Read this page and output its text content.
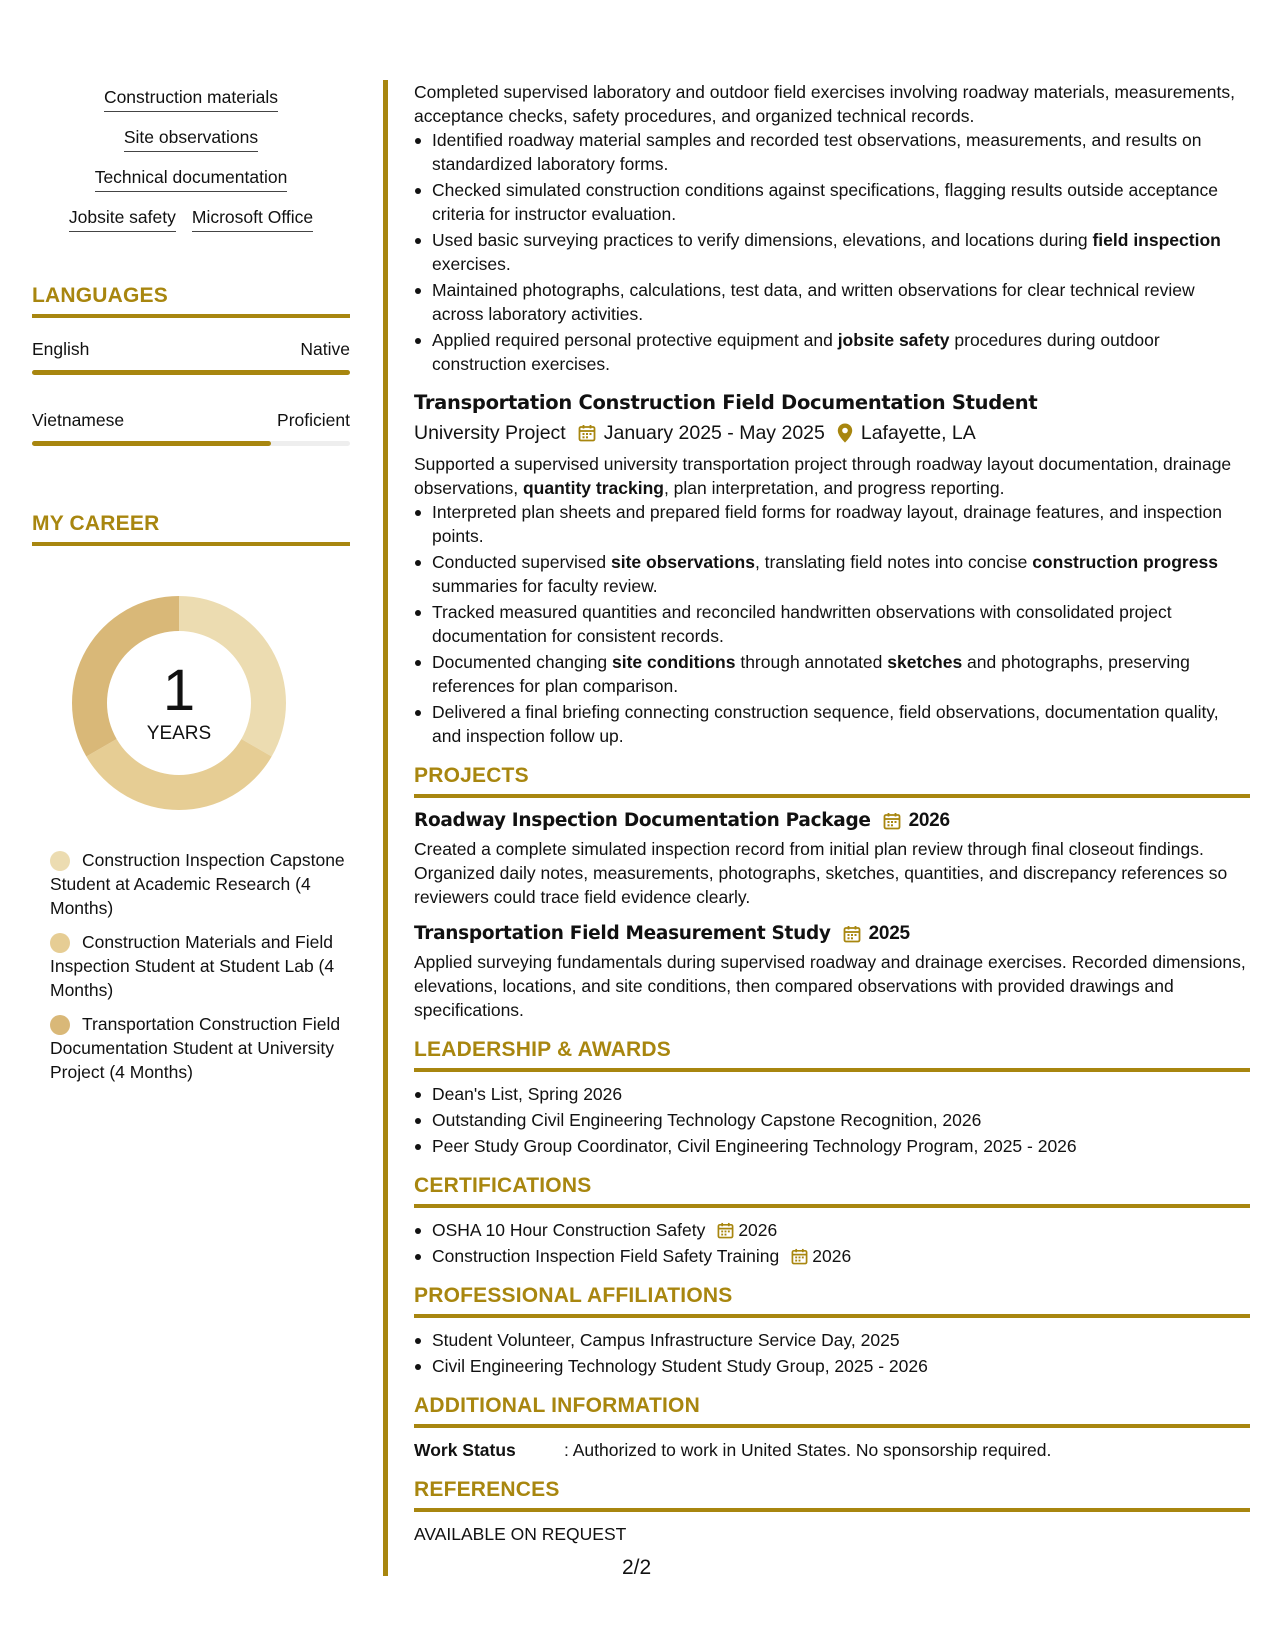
Construction materials
Site observations
Technical documentation
Jobsite safety Microsoft Office
LANGUAGES
English	Native
Vietnamese	Proficient
MY CAREER
1
YEARS
Construction Inspection Capstone Student at Academic Research (4 Months)
Construction Materials and Field Inspection Student at Student Lab (4 Months)
Transportation Construction Field Documentation Student at University Project (4 Months)

Completed supervised laboratory and outdoor field exercises involving roadway materials, measurements, acceptance checks, safety procedures, and organized technical records.

Identified roadway material samples and recorded test observations, measurements, and results on standardized laboratory forms.
Checked simulated construction conditions against specifications, flagging results outside acceptance criteria for instructor evaluation.
Used basic surveying practices to verify dimensions, elevations, and locations during field inspection exercises.
Maintained photographs, calculations, test data, and written observations for clear technical review across laboratory activities.
Applied required personal protective equipment and jobsite safety procedures during outdoor construction exercises.
Transportation Construction Field Documentation Student
University Project January 2025 - May 2025 Lafayette, LA

Supported a supervised university transportation project through roadway layout documentation, drainage observations, quantity tracking, plan interpretation, and progress reporting.

Interpreted plan sheets and prepared field forms for roadway layout, drainage features, and inspection points.
Conducted supervised site observations, translating field notes into concise construction progress summaries for faculty review.
Tracked measured quantities and reconciled handwritten observations with consolidated project documentation for consistent records.
Documented changing site conditions through annotated sketches and photographs, preserving references for plan comparison.
Delivered a final briefing connecting construction sequence, field observations, documentation quality, and inspection follow up.
PROJECTS
Roadway Inspection Documentation Package 2026

Created a complete simulated inspection record from initial plan review through final closeout findings. Organized daily notes, measurements, photographs, sketches, quantities, and discrepancy references so reviewers could trace field evidence clearly.

Transportation Field Measurement Study 2025

Applied surveying fundamentals during supervised roadway and drainage exercises. Recorded dimensions, elevations, locations, and site conditions, then compared observations with provided drawings and specifications.

LEADERSHIP & AWARDS
Dean's List, Spring 2026
Outstanding Civil Engineering Technology Capstone Recognition, 2026
Peer Study Group Coordinator, Civil Engineering Technology Program, 2025 - 2026
CERTIFICATIONS
OSHA 10 Hour Construction Safety 2026
Construction Inspection Field Safety Training 2026
PROFESSIONAL AFFILIATIONS
Student Volunteer, Campus Infrastructure Service Day, 2025
Civil Engineering Technology Student Study Group, 2025 - 2026
ADDITIONAL INFORMATION
Work Status	: Authorized to work in United States. No sponsorship required.
REFERENCES

AVAILABLE ON REQUEST

2/2
